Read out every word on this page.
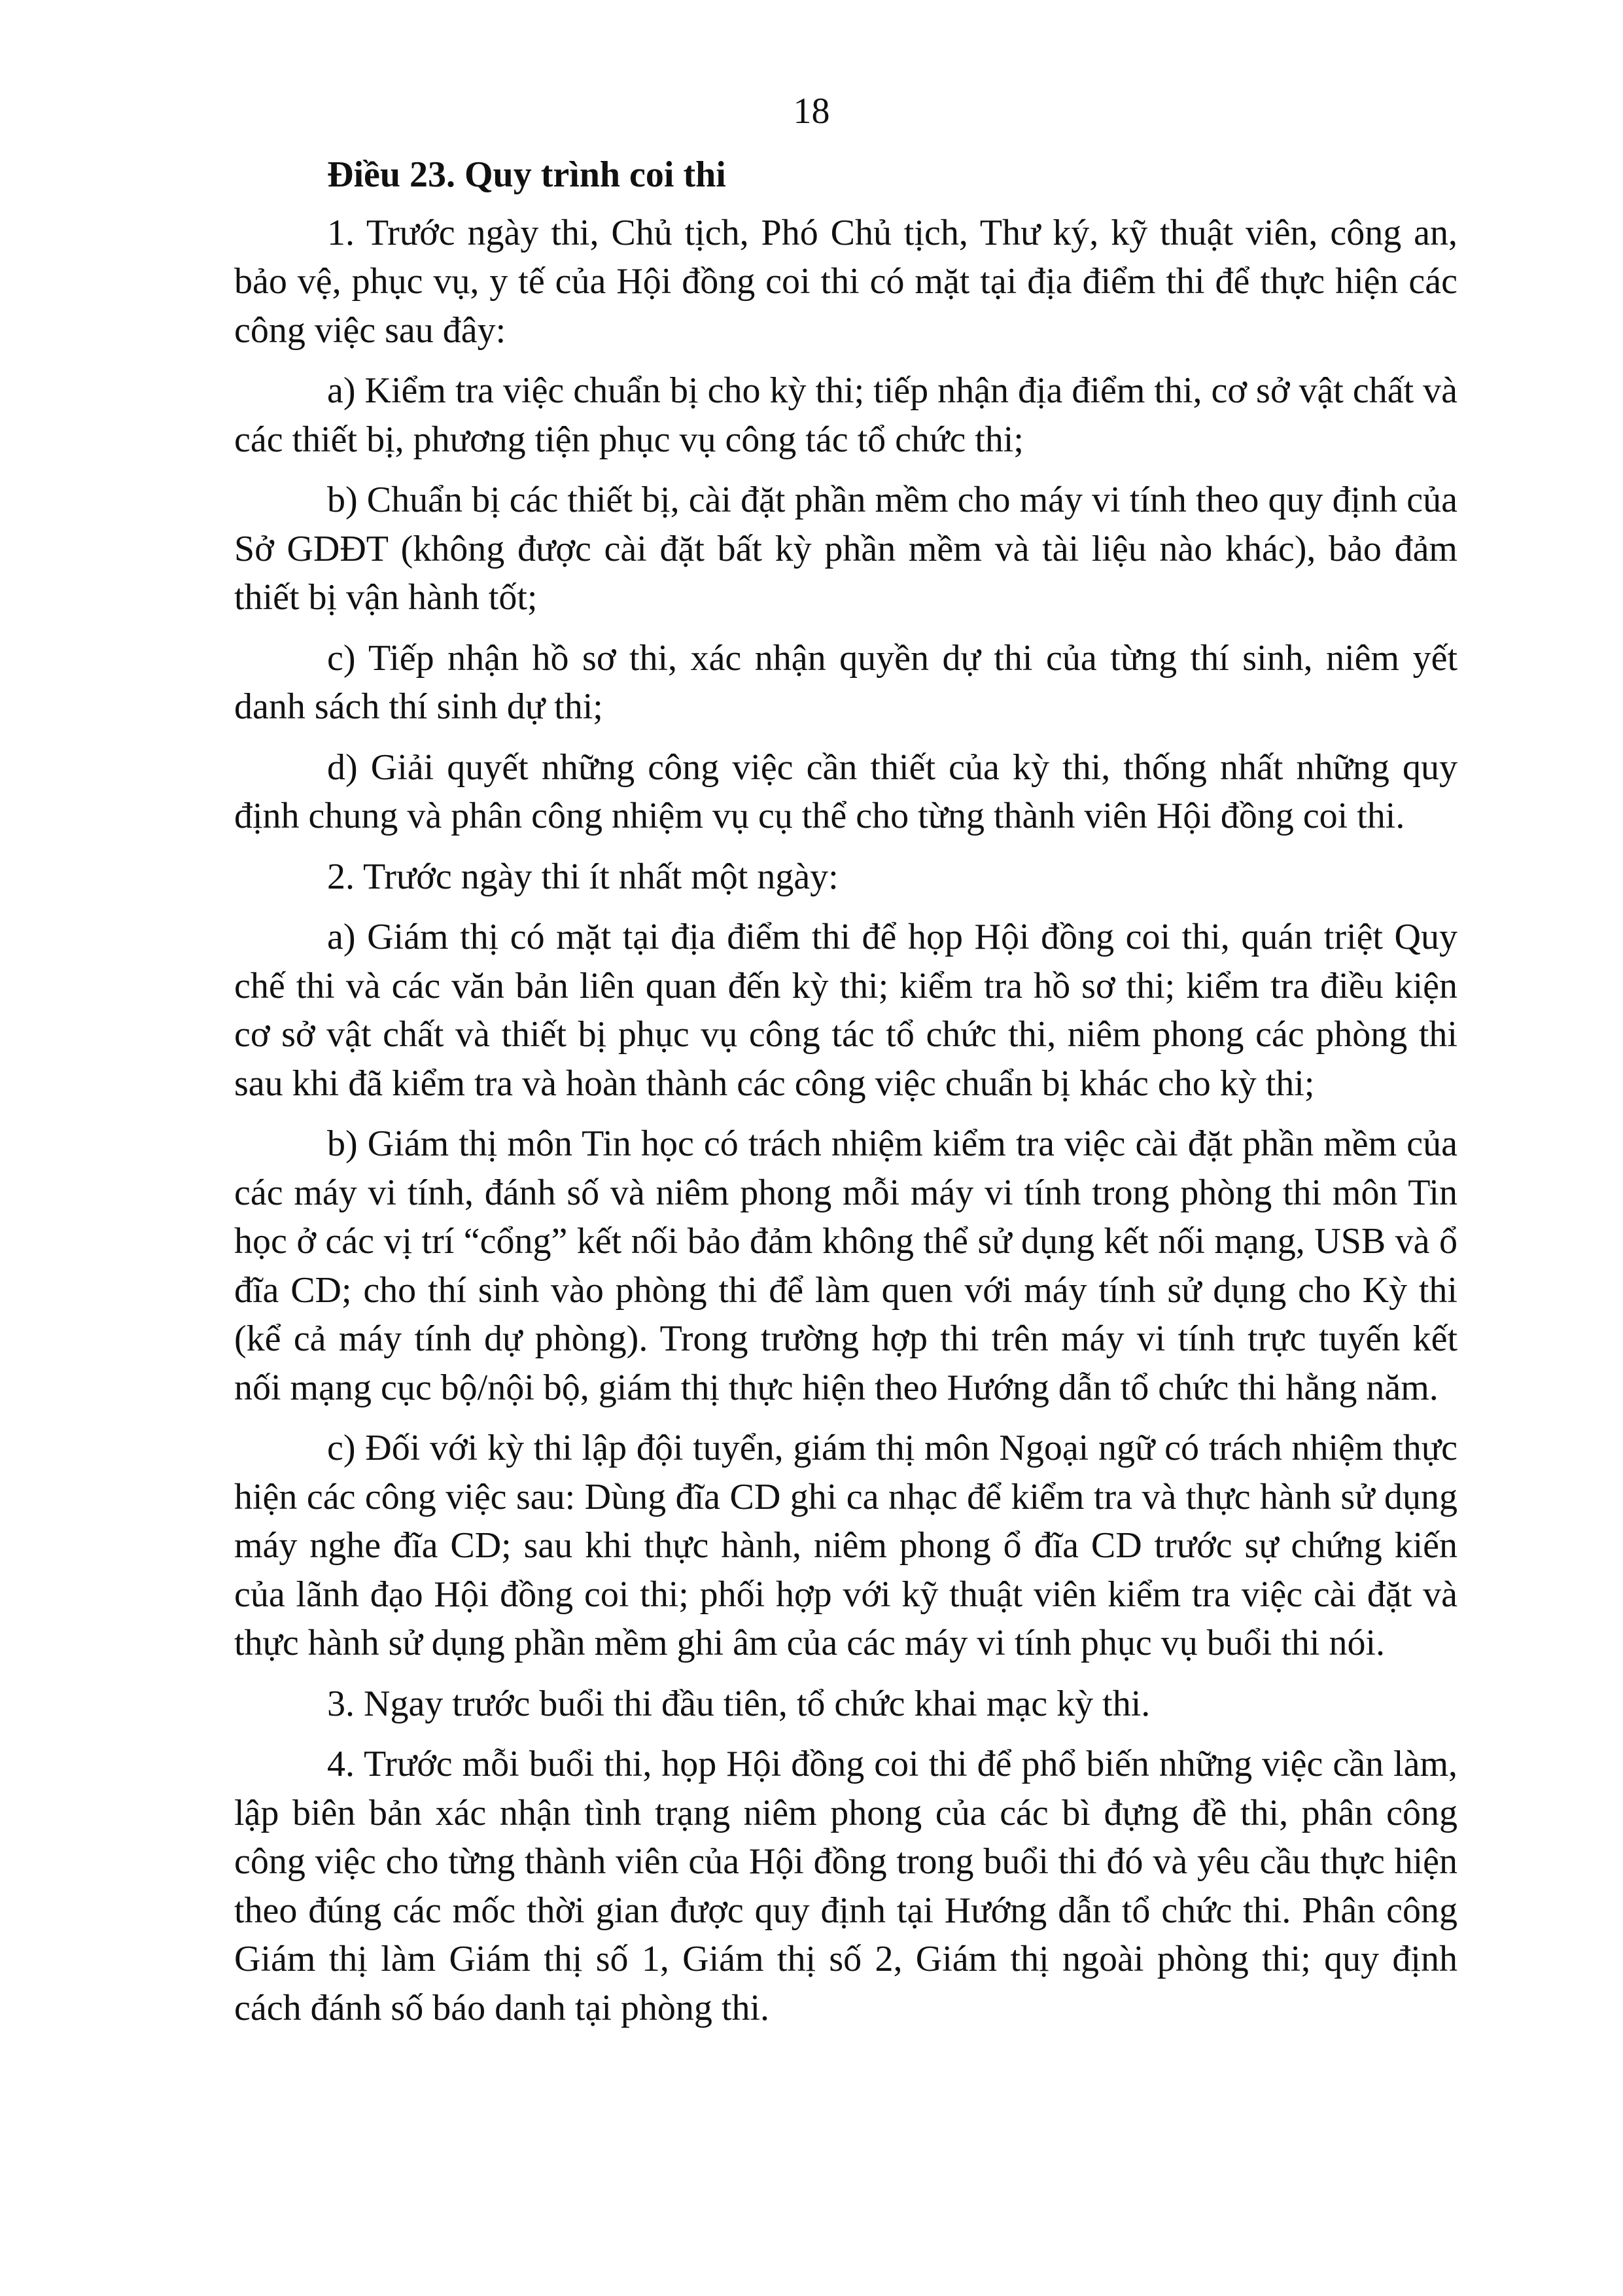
18

Điều 23. Quy trình coi thi

1. Trước ngày thi, Chủ tịch, Phó Chủ tịch, Thư ký, kỹ thuật viên, công an, bảo vệ, phục vụ, y tế của Hội đồng coi thi có mặt tại địa điểm thi để thực hiện các công việc sau đây:

a) Kiểm tra việc chuẩn bị cho kỳ thi; tiếp nhận địa điểm thi, cơ sở vật chất và các thiết bị, phương tiện phục vụ công tác tổ chức thi;

b) Chuẩn bị các thiết bị, cài đặt phần mềm cho máy vi tính theo quy định của Sở GDĐT (không được cài đặt bất kỳ phần mềm và tài liệu nào khác), bảo đảm thiết bị vận hành tốt;

c) Tiếp nhận hồ sơ thi, xác nhận quyền dự thi của từng thí sinh, niêm yết danh sách thí sinh dự thi;

d) Giải quyết những công việc cần thiết của kỳ thi, thống nhất những quy định chung và phân công nhiệm vụ cụ thể cho từng thành viên Hội đồng coi thi.

2. Trước ngày thi ít nhất một ngày:

a) Giám thị có mặt tại địa điểm thi để họp Hội đồng coi thi, quán triệt Quy chế thi và các văn bản liên quan đến kỳ thi; kiểm tra hồ sơ thi; kiểm tra điều kiện cơ sở vật chất và thiết bị phục vụ công tác tổ chức thi, niêm phong các phòng thi sau khi đã kiểm tra và hoàn thành các công việc chuẩn bị khác cho kỳ thi;

b) Giám thị môn Tin học có trách nhiệm kiểm tra việc cài đặt phần mềm của các máy vi tính, đánh số và niêm phong mỗi máy vi tính trong phòng thi môn Tin học ở các vị trí “cổng” kết nối bảo đảm không thể sử dụng kết nối mạng, USB và ổ đĩa CD; cho thí sinh vào phòng thi để làm quen với máy tính sử dụng cho Kỳ thi (kể cả máy tính dự phòng). Trong trường hợp thi trên máy vi tính trực tuyến kết nối mạng cục bộ/nội bộ, giám thị thực hiện theo Hướng dẫn tổ chức thi hằng năm.

c) Đối với kỳ thi lập đội tuyển, giám thị môn Ngoại ngữ có trách nhiệm thực hiện các công việc sau: Dùng đĩa CD ghi ca nhạc để kiểm tra và thực hành sử dụng máy nghe đĩa CD; sau khi thực hành, niêm phong ổ đĩa CD trước sự chứng kiến của lãnh đạo Hội đồng coi thi; phối hợp với kỹ thuật viên kiểm tra việc cài đặt và thực hành sử dụng phần mềm ghi âm của các máy vi tính phục vụ buổi thi nói.

3. Ngay trước buổi thi đầu tiên, tổ chức khai mạc kỳ thi.

4. Trước mỗi buổi thi, họp Hội đồng coi thi để phổ biến những việc cần làm, lập biên bản xác nhận tình trạng niêm phong của các bì đựng đề thi, phân công công việc cho từng thành viên của Hội đồng trong buổi thi đó và yêu cầu thực hiện theo đúng các mốc thời gian được quy định tại Hướng dẫn tổ chức thi. Phân công Giám thị làm Giám thị số 1, Giám thị số 2, Giám thị ngoài phòng thi; quy định cách đánh số báo danh tại phòng thi.
